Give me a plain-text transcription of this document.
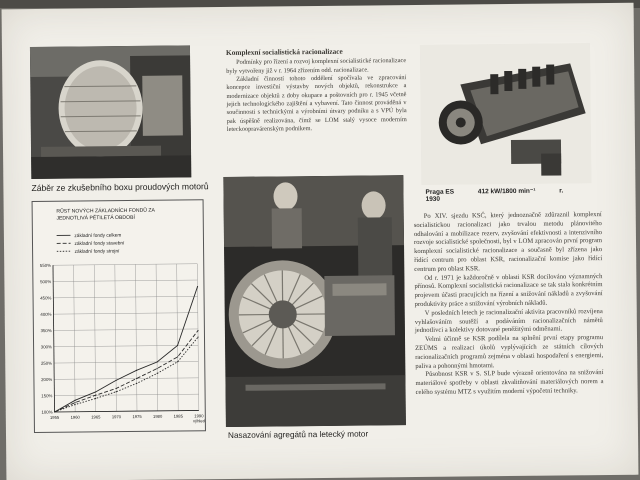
Záběr ze zkušebního boxu proudových motorů
RŮST NOVÝCH ZÁKLADNÍCH FONDŮ ZA
JEDNOTLIVÁ PĚTILETÁ OBDOBÍ
základní fondy celkem
základní fondy stavební
základní fondy strojní
100%
150%
200%
250%
300%
350%
400%
450%
500%
550%
1955	1960	1965	1970	1975	1980	1985	1990
výhled
Komplexní socialistická racionalizace

Podmínky pro řízení a rozvoj komplexní socialistické racionalizace byly vytvořeny již v r. 1964 zřízením odd. racionalizace.

Základní činností tohoto oddělení spočívala ve zpracování koncepce investiční výstavby nových objektů, rekonstrukce a modernizace objektů z doby okupace a poštovních pro r. 1945 včetně jejich technologického zajištění a vybavení. Tato činnost prováděná v součinnosti s technickými a výrobními útvary podniku a s VPÚ byla pak úspěšně realizována, čímž se LOM stalý vysoce moderním leteckoopravárenským podnikem.

Praga ES	412 kW/1800 min⁻¹	r. 1930
Nasazování agregátů na letecký motor

Po XIV. sjezdu KSČ, který jednoznačně zdůraznil komplexní socialistickou racionalizaci jako trvalou metodu plánovitého odhalování a mobilizace rezerv, zvyšování efektivnosti a intenzivního rozvoje socialistické společnosti, byl v LOM zpracován první program komplexní socialistické racionalizace a současně byl zřízena jako řídící centrum pro oblast KSR, racionalizační komise jako řídící centrum pro oblast KSR.

Od r. 1971 je každoročně v oblasti KSR docilováno významných přínosů. Komplexní socialistická racionalizace se tak stala konkrétním projevem účasti pracujících na řízení a snižování nákladů a zvyšování produktivity práce a snižování výrobních nákladů.

V posledních letech je racionalizační aktivita pracovníků rozvíjena vyhlašováním soutěží a podáváním racionalizačních námětů jednotlivci a kolektivy dotované peněžitými odměnami.

Velmi účinně se KSR podílela na splnění první etapy programu ZEÚMS a realizaci úkolů vyplývajících ze státních cílových racionalizačních programů zejména v oblasti hospodaření s energiemi, paliva a pohonnými hmotami.

Působnost KSR v S. SLP bude výrazně orientována na snižování materiálové spotřeby v oblasti zkvalitňování materiálových norem a celého systému MTZ s využitím moderní výpočetní techniky.
